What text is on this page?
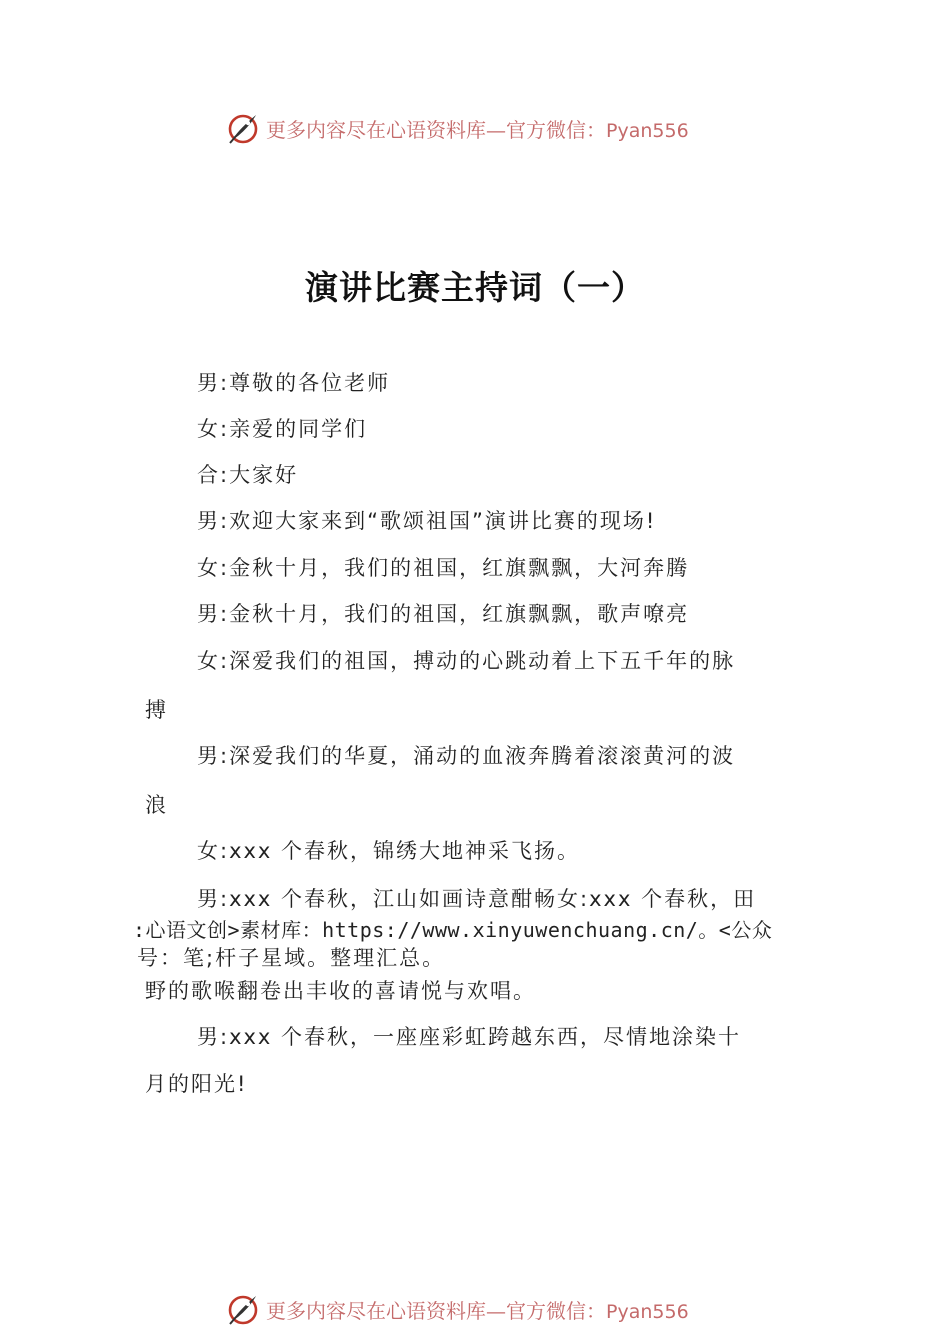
更多内容尽在心语资料库—官方微信：Pyan556
演讲比赛主持词（一）
男:尊敬的各位老师
女:亲爱的同学们
合:大家好
男:欢迎大家来到“歌颂祖国”演讲比赛的现场!
女:金秋十月，我们的祖国，红旗飘飘，大河奔腾
男:金秋十月，我们的祖国，红旗飘飘，歌声嘹亮
女:深爱我们的祖国，搏动的心跳动着上下五千年的脉
搏
男:深爱我们的华夏，涌动的血液奔腾着滚滚黄河的波
浪
女:xxx 个春秋，锦绣大地神采飞扬。
男:xxx 个春秋，江山如画诗意酣畅女:xxx 个春秋，田
:心语文创>素材库：https://www.xinyuwenchuang.cn/。<公众
号：笔;杆子星域。整理汇总。
野的歌喉翻卷出丰收的喜请悦与欢唱。
男:xxx 个春秋，一座座彩虹跨越东西，尽情地涂染十
月的阳光!
更多内容尽在心语资料库—官方微信：Pyan556
